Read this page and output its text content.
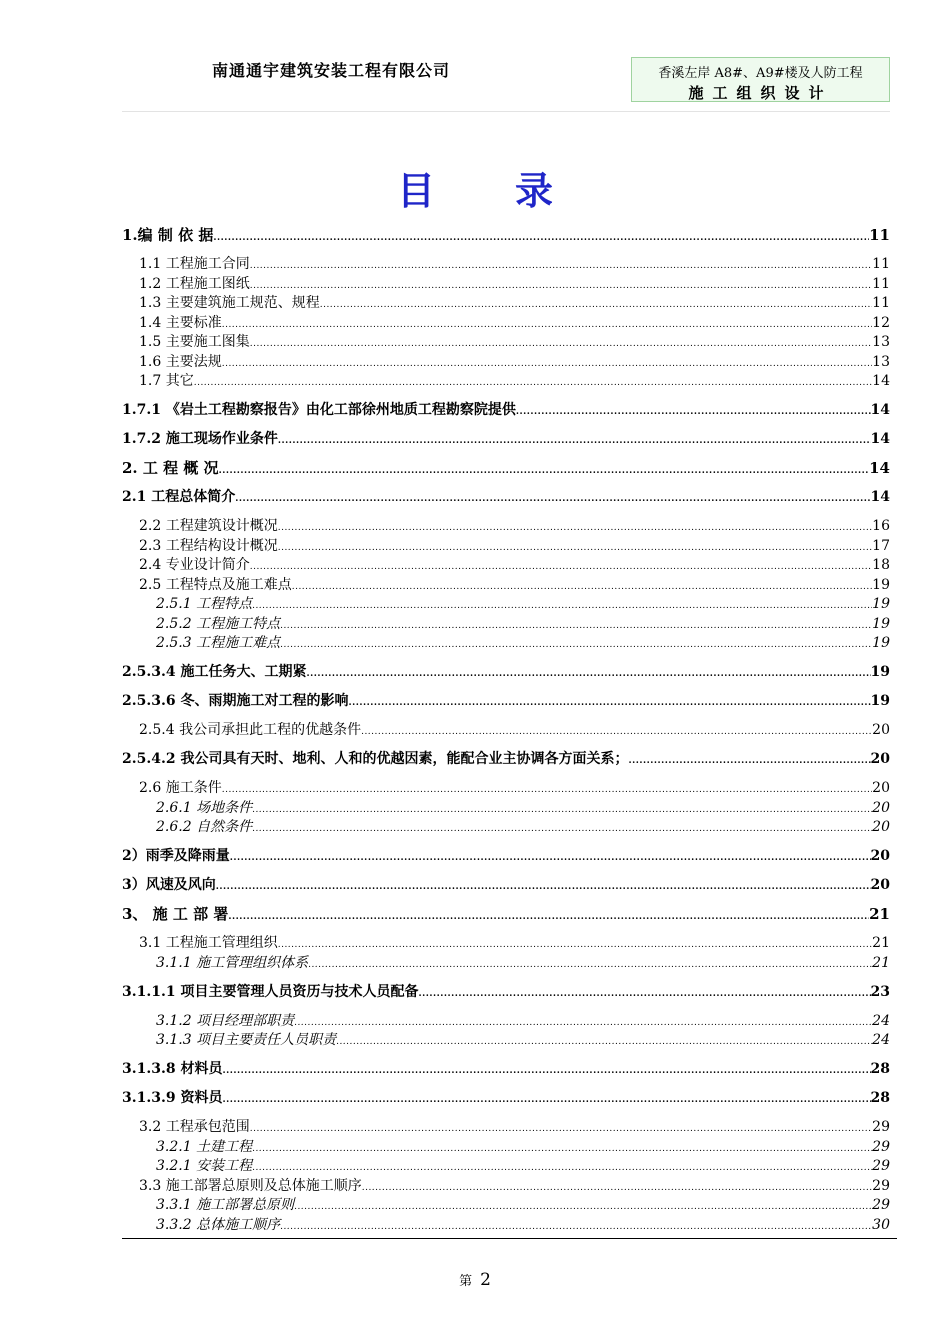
南通通宇建筑安装工程有限公司	香溪左岸 A8#、A9#楼及人防工程
施工组织设计
目录
1.编 制 依 据 .....	11
1.1 工程施工合同 .....	11
1.2 工程施工图纸 .....	11
1.3 主要建筑施工规范、规程 .....	11
1.4 主要标准 .....	12
1.5 主要施工图集 .....	13
1.6 主要法规 .....	13
1.7 其它 .....	14
1.7.1 《岩土工程勘察报告》由化工部徐州地质工程勘察院提供 .....	14
1.7.2 施工现场作业条件 .....	14
2. 工 程 概 况 .....	14
2.1 工程总体简介 .....	14
2.2 工程建筑设计概况 .....	16
2.3 工程结构设计概况 .....	17
2.4 专业设计简介 .....	18
2.5 工程特点及施工难点 .....	19
2.5.1 工程特点 .....	19
2.5.2 工程施工特点 .....	19
2.5.3 工程施工难点 .....	19
2.5.3.4 施工任务大、工期紧 .....	19
2.5.3.6 冬、雨期施工对工程的影响 .....	19
2.5.4 我公司承担此工程的优越条件 .....	20
2.5.4.2 我公司具有天时、地利、人和的优越因素，能配合业主协调各方面关系； .....	20
2.6 施工条件 .....	20
2.6.1 场地条件 .....	20
2.6.2 自然条件 .....	20
2）雨季及降雨量 .....	20
3）风速及风向 .....	20
3、 施 工 部 署 .....	21
3.1 工程施工管理组织 .....	21
3.1.1 施工管理组织体系 .....	21
3.1.1.1 项目主要管理人员资历与技术人员配备 .....	23
3.1.2 项目经理部职责 .....	24
3.1.3 项目主要责任人员职责 .....	24
3.1.3.8 材料员 .....	28
3.1.3.9 资料员 .....	28
3.2 工程承包范围 .....	29
3.2.1 土建工程 .....	29
3.2.1 安装工程 .....	29
3.3 施工部署总原则及总体施工顺序 .....	29
3.3.1 施工部署总原则 .....	29
3.3.2 总体施工顺序 .....	30
第 2
